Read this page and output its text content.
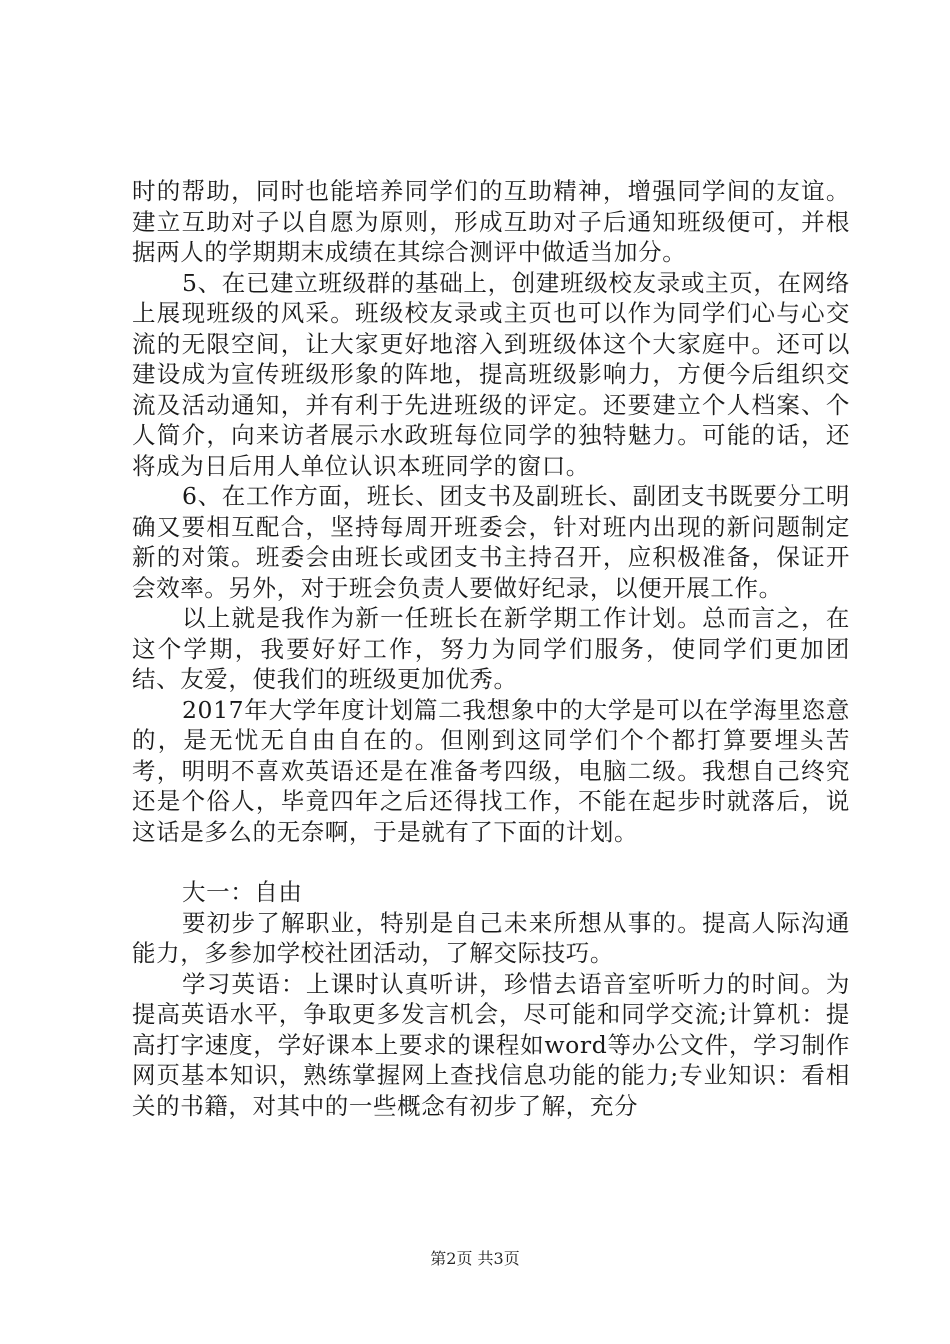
时的帮助，同时也能培养同学们的互助精神，增强同学间的友谊。建立互助对子以自愿为原则，形成互助对子后通知班级便可，并根据两人的学期期末成绩在其综合测评中做适当加分。

5、在已建立班级群的基础上，创建班级校友录或主页，在网络上展现班级的风采。班级校友录或主页也可以作为同学们心与心交流的无限空间，让大家更好地溶入到班级体这个大家庭中。还可以建设成为宣传班级形象的阵地，提高班级影响力，方便今后组织交流及活动通知，并有利于先进班级的评定。还要建立个人档案、个人简介，向来访者展示水政班每位同学的独特魅力。可能的话，还将成为日后用人单位认识本班同学的窗口。

6、在工作方面，班长、团支书及副班长、副团支书既要分工明确又要相互配合，坚持每周开班委会，针对班内出现的新问题制定新的对策。班委会由班长或团支书主持召开，应积极准备，保证开会效率。另外，对于班会负责人要做好纪录，以便开展工作。

以上就是我作为新一任班长在新学期工作计划。总而言之，在这个学期，我要好好工作，努力为同学们服务，使同学们更加团结、友爱，使我们的班级更加优秀。

2017年大学年度计划篇二我想象中的大学是可以在学海里恣意的，是无忧无自由自在的。但刚到这同学们个个都打算要埋头苦考，明明不喜欢英语还是在准备考四级，电脑二级。我想自己终究还是个俗人，毕竟四年之后还得找工作，不能在起步时就落后，说这话是多么的无奈啊，于是就有了下面的计划。

大一：自由

要初步了解职业，特别是自己未来所想从事的。提高人际沟通能力，多参加学校社团活动，了解交际技巧。

学习英语：上课时认真听讲，珍惜去语音室听听力的时间。为提高英语水平，争取更多发言机会，尽可能和同学交流;计算机：提高打字速度，学好课本上要求的课程如word等办公文件，学习制作网页基本知识，熟练掌握网上查找信息功能的能力;专业知识：看相关的书籍，对其中的一些概念有初步了解，充分

第2页 共3页
